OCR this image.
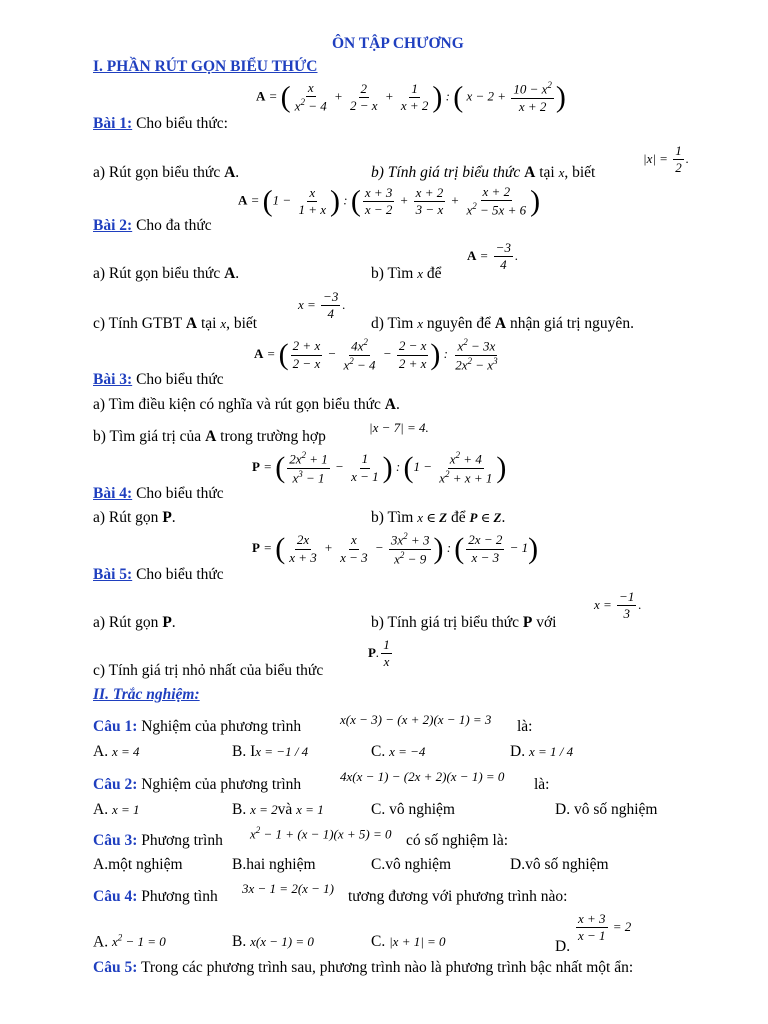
ÔN TẬP CHƯƠNG
I. PHẦN RÚT GỌN BIỂU THỨC
Bài 1: Cho biểu thức:
A = ( $\frac{x}{x^2 - 4} + \frac{2}{2 - x} + \frac{1}{x + 2}$ ) : ( $x - 2 + \frac{10 - x^2}{x + 2}$ )
a) Rút gọn biểu thức A.	b) Tính giá trị biểu thức A tại x, biết
$|x| = \frac{1}{2}$ .
Bài 2: Cho đa thức
$A = (1 - \frac{x}{1 + x}$ ) : ( $\frac{x + 3}{x - 2} + \frac{x + 2}{3 - x} + \frac{x + 2}{x^2 - 5x + 6}$ )
a) Rút gọn biểu thức A.	b) Tìm x để
$A = \frac{-3}{4}$ .
c) Tính GTBT A tại x, biết
$x = \frac{-3}{4}$ .
d) Tìm x nguyên để A nhận giá trị nguyên.
Bài 3: Cho biểu thức
A = ( $\frac{2 + x}{2 - x} - \frac{4x^2}{x^2 - 4} - \frac{2 - x}{2 + x}$ ) : $\frac{x^2 - 3x}{2x^2 - x^3}$
a) Tìm điều kiện có nghĩa và rút gọn biểu thức A.
b) Tìm giá trị của A trong trường hợp
|x − 7| = 4.
Bài 4: Cho biểu thức
P = ( $\frac{2x^2 + 1}{x^3 - 1} - \frac{1}{x - 1}$ ) : ($1 - \frac{x^2 + 4}{x^2 + x + 1}$ )
a) Rút gọn P.	b) Tìm x ∈ Z để P ∈ Z.
Bài 5: Cho biểu thức
P = ( $\frac{2x}{x + 3} + \frac{x}{x - 3} - \frac{3x^2 + 3}{x^2 - 9}$ ) : ( $\frac{2x - 2}{x - 3} - 1$)
a) Rút gọn P.	b) Tính giá trị biểu thức P với
$x = \frac{-1}{3}$ .
c) Tính giá trị nhỏ nhất của biểu thức
P. $\frac{1}{x}$
II. Trắc nghiệm:
Câu 1: Nghiệm của phương trình	x(x − 3) − (x + 2)(x − 1) = 3 là:
A. x = 4	B. Ix = −1 / 4	C. x = −4	D. x = 1 / 4
Câu 2: Nghiệm của phương trình	4x(x − 1) − (2x + 2)(x − 1) = 0 là:
A. x = 1	B. x = 2và x = 1	C. vô nghiệm	D. vô số nghiệm
Câu 3: Phương trình $x^2 - 1 + (x - 1)(x + 5) = 0$ có số nghiệm là:
A.một nghiệm	B.hai nghiệm	C.vô nghiệm	D.vô số nghiệm
Câu 4: Phương tình 3x − 1 = 2(x − 1) tương đương với phương trình nào:
A. $x^2 - 1 = 0$	B. x(x − 1) = 0	C. |x + 1| = 0	D.
$\frac{x + 3}{x - 1} = 2$
Câu 5: Trong các phương trình sau, phương trình nào là phương trình bậc nhất một ẩn:
